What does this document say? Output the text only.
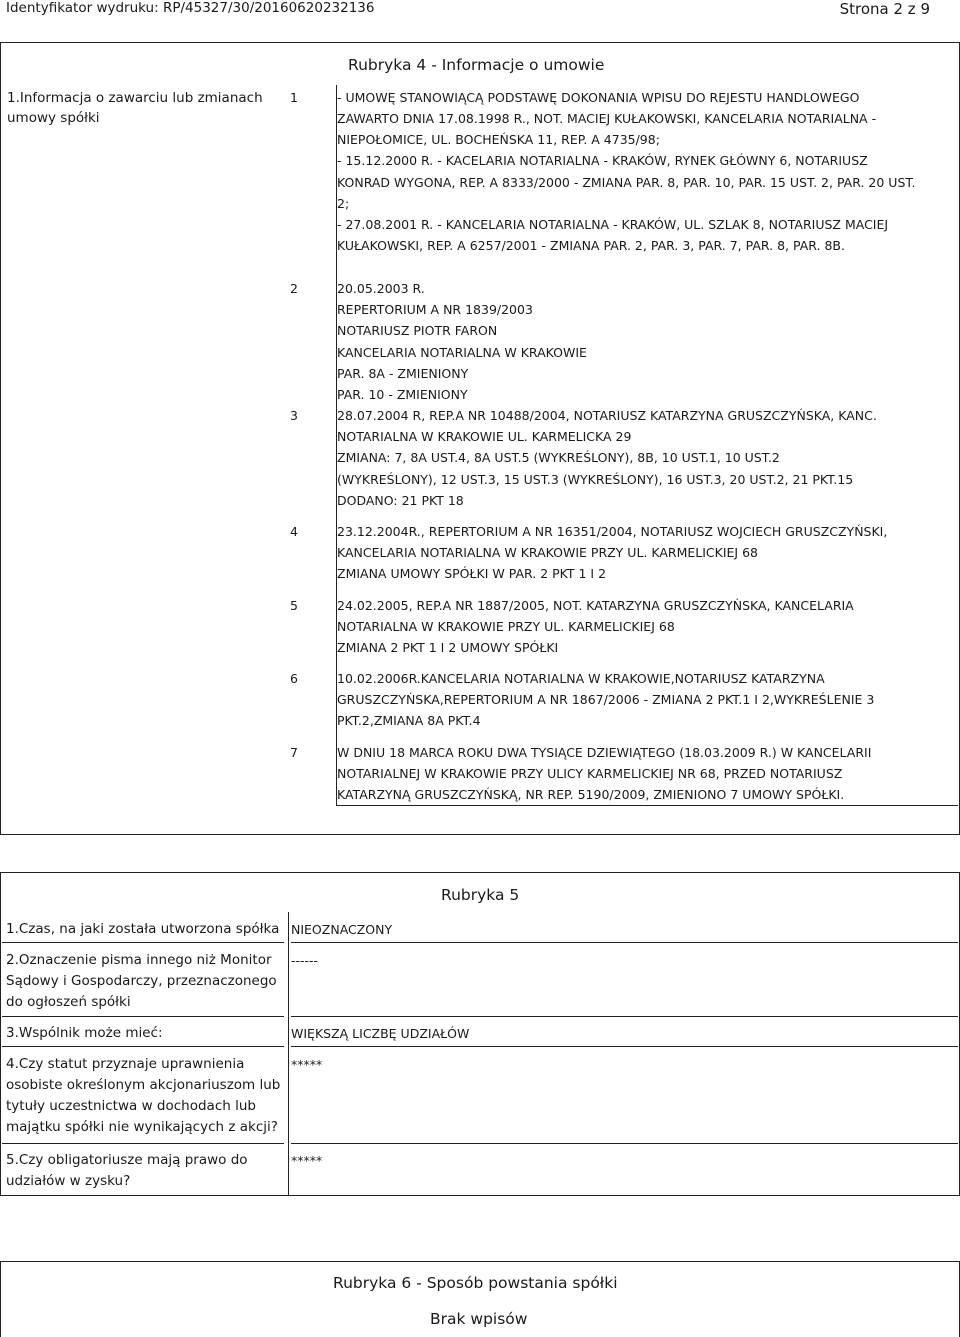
Identyfikator wydruku: RP/45327/30/20160620232136	Strona 2 z 9
Rubryka 4 - Informacje o umowie
1.Informacja o zawarciu lub zmianach umowy spółki
1	- UMOWĘ STANOWIĄCĄ PODSTAWĘ DOKONANIA WPISU DO REJESTU HANDLOWEGO
ZAWARTO DNIA 17.08.1998 R., NOT. MACIEJ KUŁAKOWSKI, KANCELARIA NOTARIALNA -
NIEPOŁOMICE, UL. BOCHEŃSKA 11, REP. A 4735/98;
- 15.12.2000 R. - KACELARIA NOTARIALNA - KRAKÓW, RYNEK GŁÓWNY 6, NOTARIUSZ
KONRAD WYGONA, REP. A 8333/2000 - ZMIANA PAR. 8, PAR. 10, PAR. 15 UST. 2, PAR. 20 UST.
2;
- 27.08.2001 R. - KANCELARIA NOTARIALNA - KRAKÓW, UL. SZLAK 8, NOTARIUSZ MACIEJ
KUŁAKOWSKI, REP. A 6257/2001 - ZMIANA PAR. 2, PAR. 3, PAR. 7, PAR. 8, PAR. 8B.
2	20.05.2003 R.
REPERTORIUM A NR 1839/2003
NOTARIUSZ PIOTR FARON
KANCELARIA NOTARIALNA W KRAKOWIE
PAR. 8A - ZMIENIONY
PAR. 10 - ZMIENIONY
3	28.07.2004 R, REP.A NR 10488/2004, NOTARIUSZ KATARZYNA GRUSZCZYŃSKA, KANC.
NOTARIALNA W KRAKOWIE UL. KARMELICKA 29
ZMIANA: 7, 8A UST.4, 8A UST.5 (WYKREŚLONY), 8B, 10 UST.1, 10 UST.2
(WYKREŚLONY), 12 UST.3, 15 UST.3 (WYKREŚLONY), 16 UST.3, 20 UST.2, 21 PKT.15
DODANO: 21 PKT 18
4	23.12.2004R., REPERTORIUM A NR 16351/2004, NOTARIUSZ WOJCIECH GRUSZCZYŃSKI,
KANCELARIA NOTARIALNA W KRAKOWIE PRZY UL. KARMELICKIEJ 68
ZMIANA UMOWY SPÓŁKI W PAR. 2 PKT 1 I 2
5	24.02.2005, REP.A NR 1887/2005, NOT. KATARZYNA GRUSZCZYŃSKA, KANCELARIA
NOTARIALNA W KRAKOWIE PRZY UL. KARMELICKIEJ 68
ZMIANA 2 PKT 1 I 2 UMOWY SPÓŁKI
6	10.02.2006R.KANCELARIA NOTARIALNA W KRAKOWIE,NOTARIUSZ KATARZYNA
GRUSZCZYŃSKA,REPERTORIUM A NR 1867/2006 - ZMIANA 2 PKT.1 I 2,WYKREŚLENIE 3
PKT.2,ZMIANA 8A PKT.4
7	W DNIU 18 MARCA ROKU DWA TYSIĄCE DZIEWIĄTEGO (18.03.2009 R.) W KANCELARII
NOTARIALNEJ W KRAKOWIE PRZY ULICY KARMELICKIEJ NR 68, PRZED NOTARIUSZ
KATARZYNĄ GRUSZCZYŃSKĄ, NR REP. 5190/2009, ZMIENIONO 7 UMOWY SPÓŁKI.
Rubryka 5
1.Czas, na jaki została utworzona spółka NIEOZNACZONY
2.Oznaczenie pisma innego niż Monitor Sądowy i Gospodarczy, przeznaczonego do ogłoszeń spółki
------
3.Wspólnik może mieć:	WIĘKSZĄ LICZBĘ UDZIAŁÓW
4.Czy statut przyznaje uprawnienia osobiste określonym akcjonariuszom lub tytuły uczestnictwa w dochodach lub majątku spółki nie wynikających z akcji?
*****
5.Czy obligatoriusze mają prawo do udziałów w zysku?
*****
Rubryka 6 - Sposób powstania spółki
Brak wpisów
